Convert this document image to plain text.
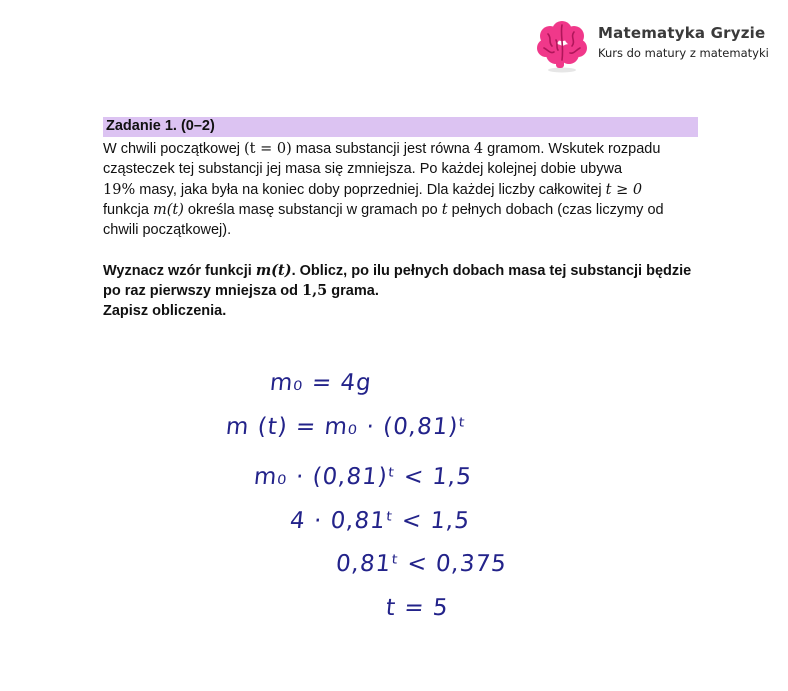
Matematyka Gryzie
Kurs do matury z matematyki
Zadanie 1. (0–2)
W chwili początkowej (t = 0) masa substancji jest równa 4 gramom. Wskutek rozpadu
cząsteczek tej substancji jej masa się zmniejsza. Po każdej kolejnej dobie ubywa
19% masy, jaka była na koniec doby poprzedniej. Dla każdej liczby całkowitej t ≥ 0
funkcja m(t) określa masę substancji w gramach po t pełnych dobach (czas liczymy od
chwili początkowej).
Wyznacz wzór funkcji m(t). Oblicz, po ilu pełnych dobach masa tej substancji będzie
po raz pierwszy mniejsza od 1,5 grama.
Zapisz obliczenia.
m₀ = 4g
m (t) = m₀ · (0,81)ᵗ
m₀ · (0,81)ᵗ < 1,5
4 · 0,81ᵗ < 1,5
0,81ᵗ < 0,375
t = 5
